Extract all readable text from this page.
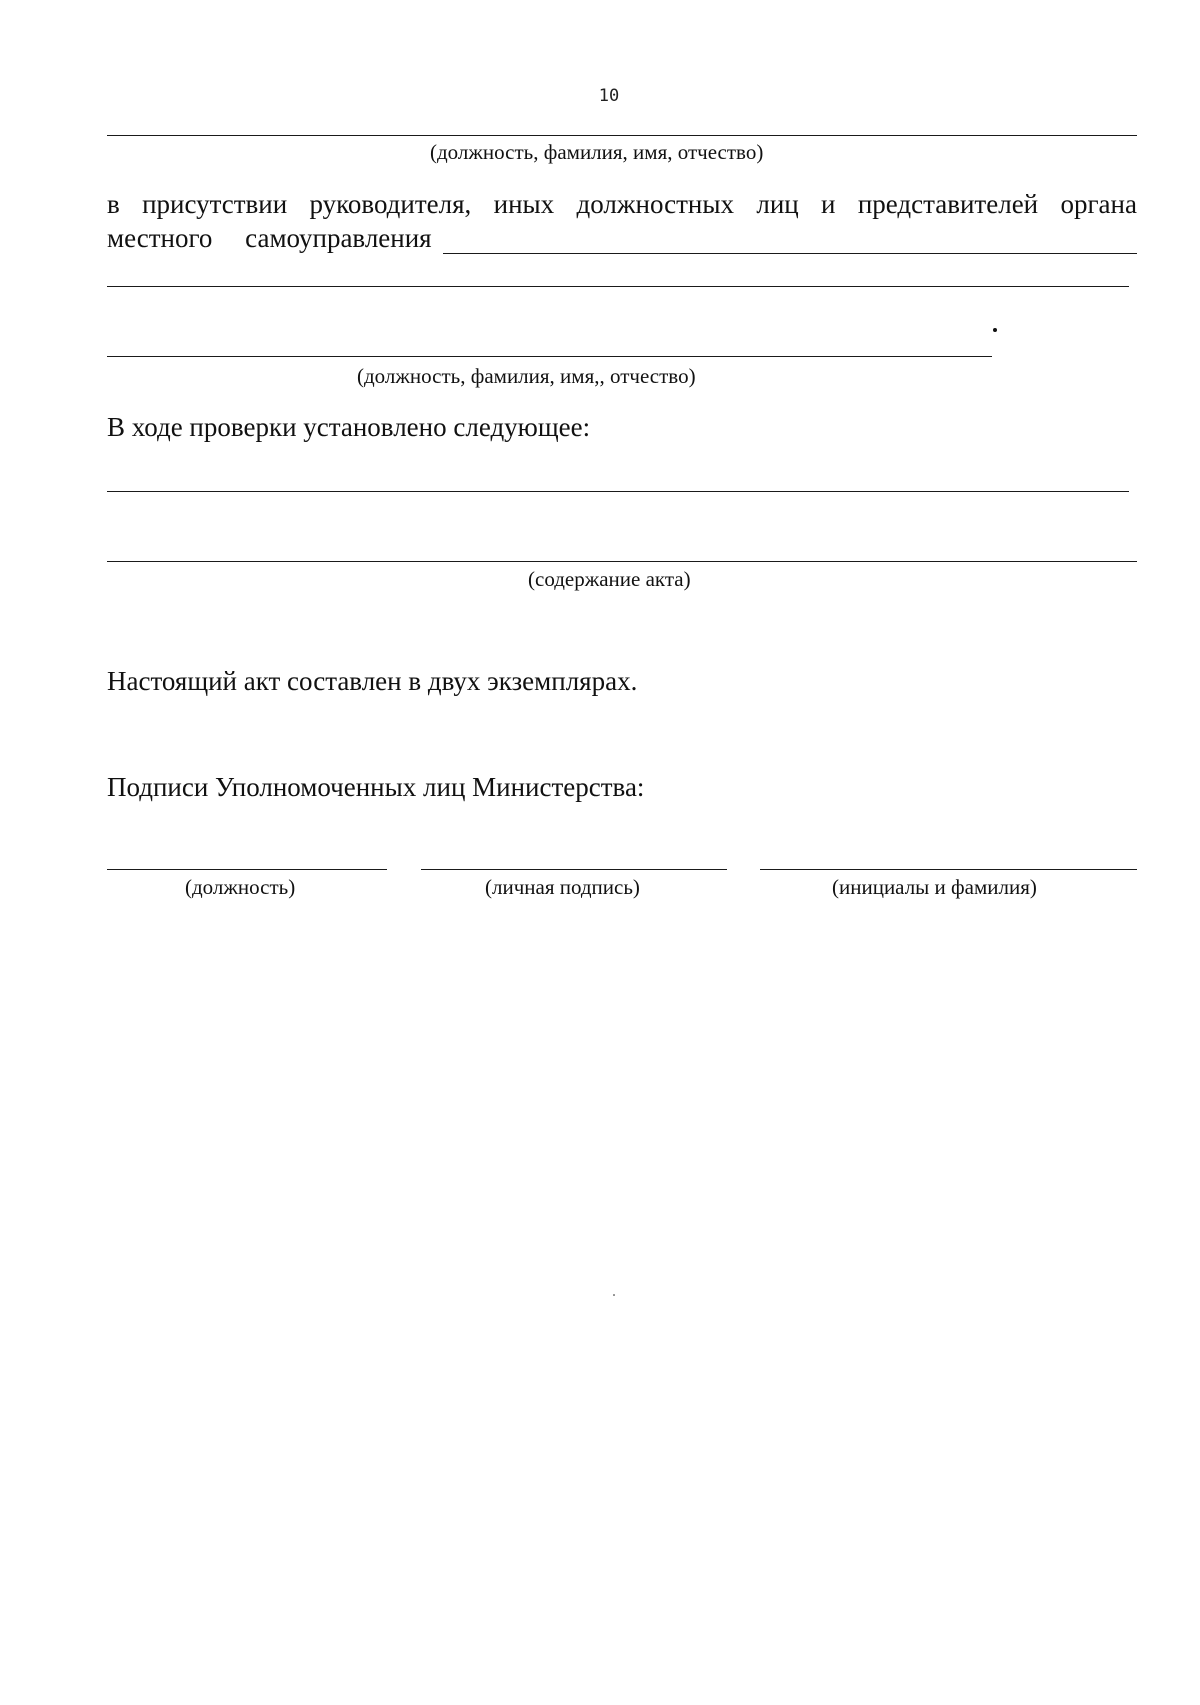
10
(должность, фамилия, имя, отчество)
в присутствии руководителя, иных должностных лиц и представителей органа
местного самоуправления
(должность, фамилия, имя,, отчество)
В ходе проверки установлено следующее:
(содержание акта)
Настоящий акт составлен в двух экземплярах.
Подписи Уполномоченных лиц Министерства:
(должность)	(личная подпись)	(инициалы и фамилия)
